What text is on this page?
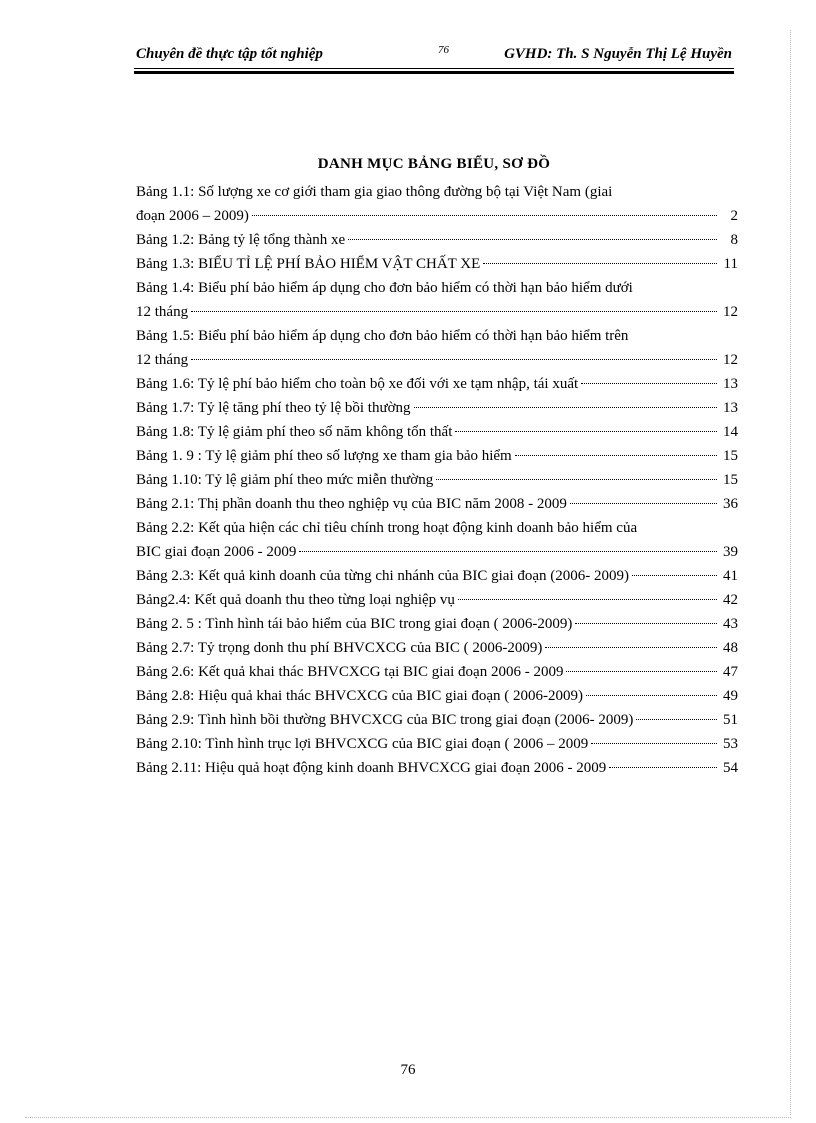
Chuyên đề thực tập tốt nghiệp	76	GVHD: Th. S Nguyễn Thị Lệ Huyền
DANH MỤC BẢNG BIỂU, SƠ ĐỒ
Bảng 1.1: Số lượng xe cơ giới tham gia giao thông đường bộ tại Việt Nam (giai
đoạn 2006 – 2009)	2
Bảng 1.2: Bảng tỷ lệ tổng thành xe	8
Bảng 1.3: BIỂU TỈ LỆ PHÍ BẢO HIỂM VẬT CHẤT XE	11
Bảng 1.4: Biểu phí bảo hiểm áp dụng cho đơn bảo hiểm có thời hạn bảo hiểm dưới
12 tháng	12
Bảng 1.5: Biểu phí bảo hiểm áp dụng cho đơn bảo hiểm có thời hạn bảo hiểm trên
12 tháng	12
Bảng 1.6: Tỷ lệ phí bảo hiểm cho toàn bộ xe đối với xe tạm nhập, tái xuất	13
Bảng 1.7: Tỷ lệ tăng phí theo tỷ lệ bồi thường	13
Bảng 1.8: Tỷ lệ giảm phí theo số năm không tổn thất	14
Bảng 1. 9 : Tỷ lệ giảm phí theo số lượng xe tham gia bảo hiểm	15
Bảng 1.10: Tỷ lệ giảm phí theo mức miễn thường	15
Bảng 2.1: Thị phần doanh thu theo nghiệp vụ của BIC năm 2008 - 2009	36
Bảng 2.2: Kết qủa hiện các chỉ tiêu chính trong hoạt động kinh doanh bảo hiểm của
BIC giai đoạn 2006 - 2009	39
Bảng 2.3: Kết quả kinh doanh của từng chi nhánh của BIC giai đoạn (2006- 2009)	41
Bảng2.4: Kết quả doanh thu theo từng loại nghiệp vụ	42
Bảng 2. 5 : Tình hình tái bảo hiểm của BIC trong giai đoạn ( 2006-2009)	43
Bảng 2.7: Tỷ trọng donh thu phí BHVCXCG của BIC ( 2006-2009)	48
Bảng 2.6: Kết quả khai thác BHVCXCG tại BIC giai đoạn 2006 - 2009	47
Bảng 2.8: Hiệu quả khai thác BHVCXCG của BIC giai đoạn ( 2006-2009)	49
Bảng 2.9: Tình hình bồi thường BHVCXCG của BIC trong giai đoạn (2006- 2009)	51
Bảng 2.10: Tình hình trục lợi BHVCXCG của BIC giai đoạn ( 2006 – 2009	53
Bảng 2.11: Hiệu quả hoạt động kinh doanh BHVCXCG giai đoạn 2006 - 2009	54
76
